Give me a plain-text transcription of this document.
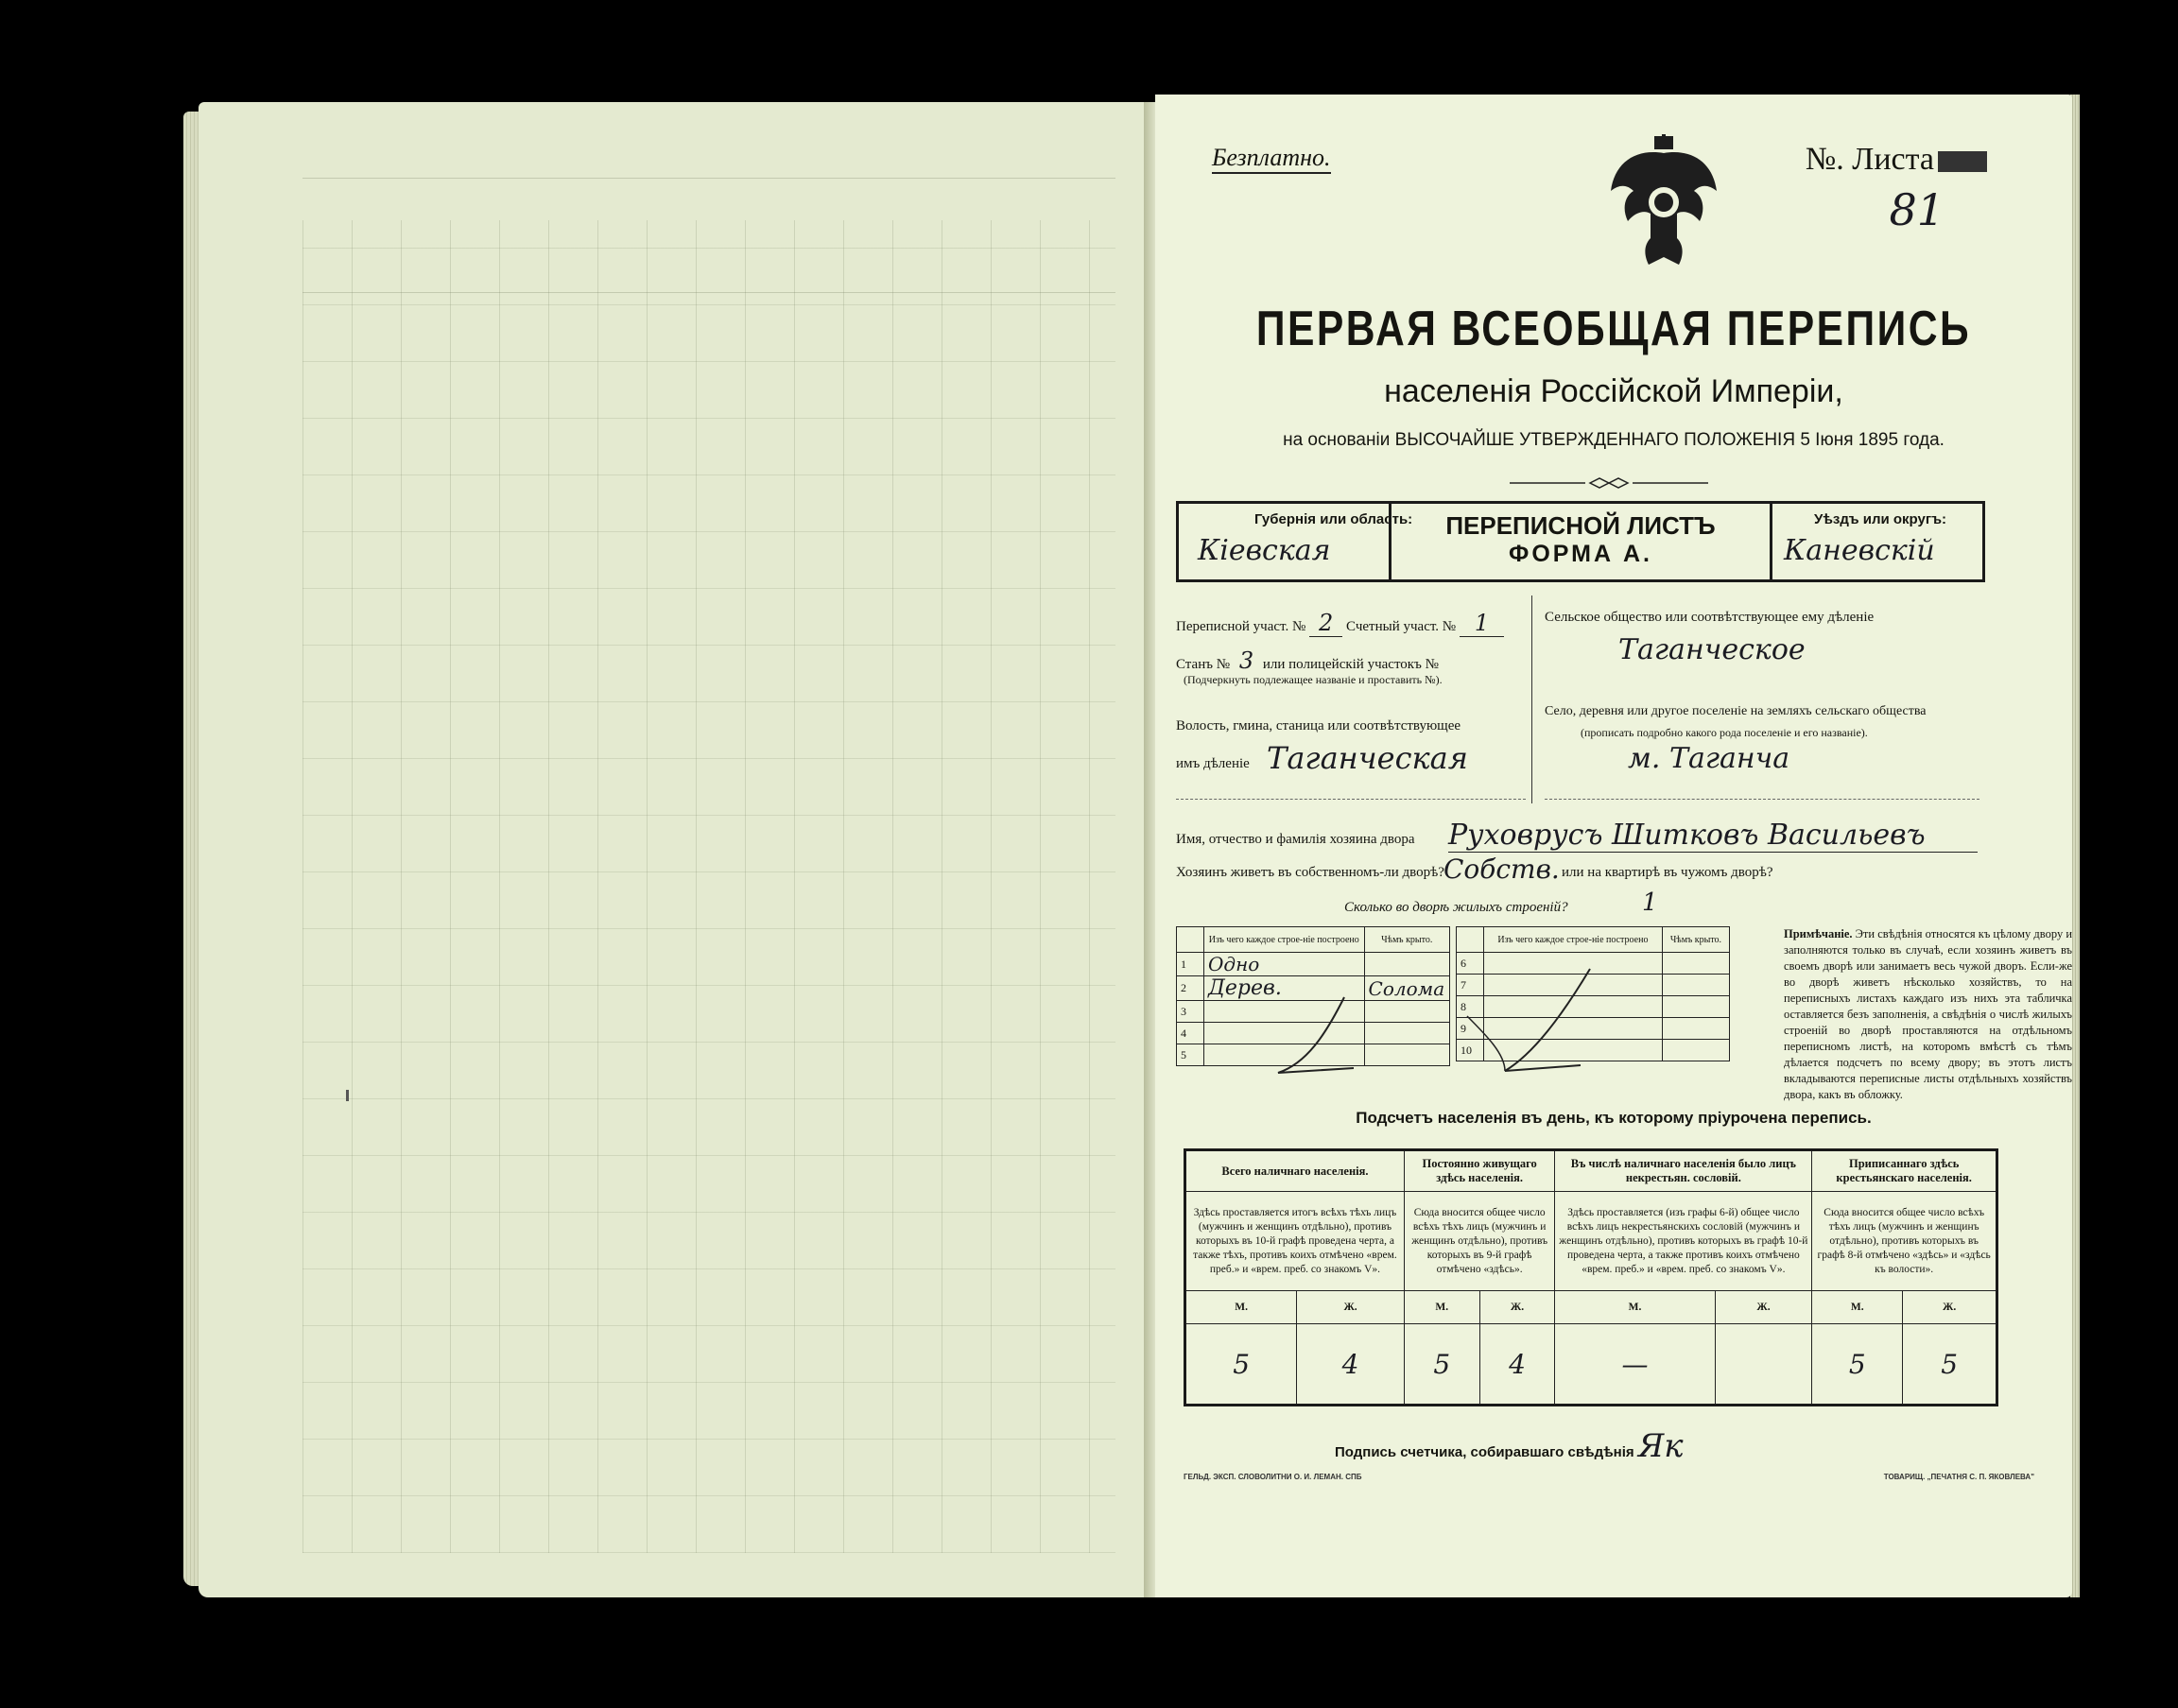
Безплатно.	№. Листа
81
ПЕРВАЯ ВСЕОБЩАЯ ПЕРЕПИСЬ
населенія Россійской Имперіи,
на основаніи ВЫСОЧАЙШЕ УТВЕРЖДЕННАГО ПОЛОЖЕНІЯ 5 Іюня 1895 года.
Губернія или область:
Кіевская
ПЕРЕПИСНОЙ ЛИСТЪ
ФОРМА А.
Уѣздъ или округъ:
Каневскій
Переписной участ. № 2 Счетный участ. № 1
Станъ № 3 или полицейскій участокъ №
(Подчеркнуть подлежащее названіе и проставить №).
Волость, гмина, станица или соотвѣтствующее
имъ дѣленіе Таганческая
Сельское общество или соотвѣтствующее ему дѣленіе
Таганческое
Село, деревня или другое поселеніе на земляхъ сельскаго общества
(прописать подробно какого рода поселеніе и его названіе).
м. Таганча
Имя, отчество и фамилія хозяина двора Руховрусъ Шитковъ Васильевъ
Хозяинъ живетъ въ собственномъ-ли дворѣ? Собств. или на квартирѣ въ чужомъ дворѣ?
Сколько во дворѣ жилыхъ строеній?	1
	Изъ чего каждое строе-ніе построено	Чѣмъ крыто.
1	Одно	
2	Дерев.	Солома
3		
4		
5		
	Изъ чего каждое строе-ніе построено	Чѣмъ крыто.
6		
7		
8		
9		
10		
Примѣчаніе. Эти свѣдѣнія относятся къ цѣлому двору и заполняются только въ случаѣ, если хозяинъ живетъ въ своемъ дворѣ или занимаетъ весь чужой дворъ. Если-же во дворѣ живетъ нѣсколько хозяйствъ, то на переписныхъ листахъ каждаго изъ нихъ эта табличка оставляется безъ заполненія, а свѣдѣнія о числѣ жилыхъ строеній во дворѣ проставляются на отдѣльномъ переписномъ листѣ, на которомъ вмѣстѣ съ тѣмъ дѣлается подсчетъ по всему двору; въ этотъ листъ вкладываются переписные листы отдѣльныхъ хозяйствъ двора, какъ въ обложку.
Подсчетъ населенія въ день, къ которому пріурочена перепись.
Всего наличнаго населенія.		Постоянно живущаго здѣсь населенія.		Въ числѣ наличнаго населенія было лицъ некрестьян. сословій.		Приписаннаго здѣсь крестьянскаго населенія.	
Здѣсь проставляется итогъ всѣхъ тѣхъ лицъ (мужчинъ и женщинъ отдѣльно), противъ которыхъ въ 10-й графѣ проведена черта, а также тѣхъ, противъ коихъ отмѣчено «врем. преб.» и «врем. преб. со знакомъ V».		Сюда вносится общее число всѣхъ тѣхъ лицъ (мужчинъ и женщинъ отдѣльно), противъ которыхъ въ 9-й графѣ отмѣчено «здѣсь».		Здѣсь проставляется (изъ графы 6-й) общее число всѣхъ лицъ некрестьянскихъ сословій (мужчинъ и женщинъ отдѣльно), противъ которыхъ въ графѣ 10-й проведена черта, а также противъ коихъ отмѣчено «врем. преб.» и «врем. преб. со знакомъ V».		Сюда вносится общее число всѣхъ тѣхъ лицъ (мужчинъ и женщинъ отдѣльно), противъ которыхъ въ графѣ 8-й отмѣчено «здѣсь» и «здѣсь къ волости».	
М.	Ж.	М.	Ж.	М.	Ж.	М.	Ж.
5	4	5	4	—		5	5
Подпись счетчика, собиравшаго свѣдѣнія Як
ГЕЛЬД. ЭКСП. СЛОВОЛИТНИ О. И. ЛЕМАН. СПБ	ТОВАРИЩ. „ПЕЧАТНЯ С. П. ЯКОВЛЕВА"
